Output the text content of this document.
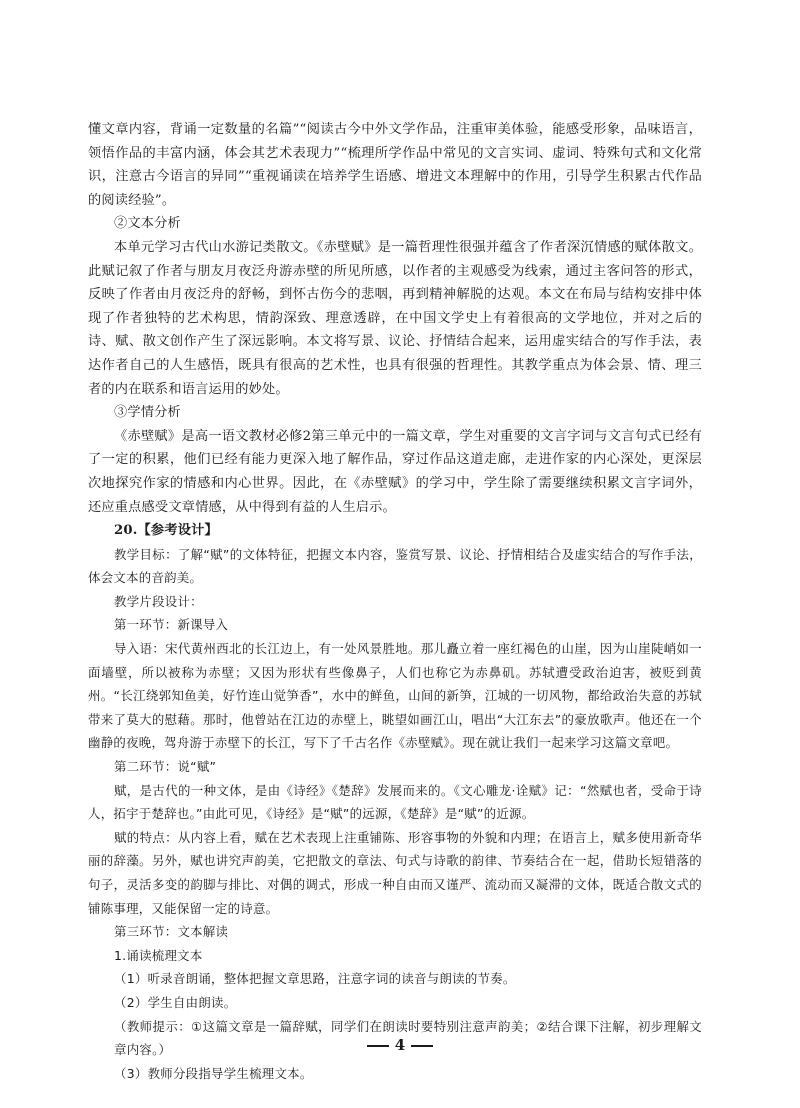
懂文章内容，背诵一定数量的名篇”“阅读古今中外文学作品，注重审美体验，能感受形象，品味语言，领悟作品的丰富内涵，体会其艺术表现力”“梳理所学作品中常见的文言实词、虚词、特殊句式和文化常识，注意古今语言的异同”“重视诵读在培养学生语感、增进文本理解中的作用，引导学生积累古代作品的阅读经验”。

②文本分析

本单元学习古代山水游记类散文。《赤壁赋》是一篇哲理性很强并蕴含了作者深沉情感的赋体散文。此赋记叙了作者与朋友月夜泛舟游赤壁的所见所感，以作者的主观感受为线索，通过主客问答的形式，反映了作者由月夜泛舟的舒畅，到怀古伤今的悲咽，再到精神解脱的达观。本文在布局与结构安排中体现了作者独特的艺术构思，情韵深致、理意透辟，在中国文学史上有着很高的文学地位，并对之后的诗、赋、散文创作产生了深远影响。本文将写景、议论、抒情结合起来，运用虚实结合的写作手法，表达作者自己的人生感悟，既具有很高的艺术性，也具有很强的哲理性。其教学重点为体会景、情、理三者的内在联系和语言运用的妙处。

③学情分析

《赤壁赋》是高一语文教材必修2第三单元中的一篇文章，学生对重要的文言字词与文言句式已经有了一定的积累，他们已经有能力更深入地了解作品，穿过作品这道走廊，走进作家的内心深处，更深层次地探究作家的情感和内心世界。因此，在《赤壁赋》的学习中，学生除了需要继续积累文言字词外，还应重点感受文章情感，从中得到有益的人生启示。

20.【参考设计】

教学目标：了解“赋”的文体特征，把握文本内容，鉴赏写景、议论、抒情相结合及虚实结合的写作手法，体会文本的音韵美。

教学片段设计：

第一环节：新课导入

导入语：宋代黄州西北的长江边上，有一处风景胜地。那儿矗立着一座红褐色的山崖，因为山崖陡峭如一面墙壁，所以被称为赤壁；又因为形状有些像鼻子，人们也称它为赤鼻矶。苏轼遭受政治迫害，被贬到黄州。“长江绕郭知鱼美，好竹连山觉笋香”，水中的鲜鱼，山间的新笋，江城的一切风物，都给政治失意的苏轼带来了莫大的慰藉。那时，他曾站在江边的赤壁上，眺望如画江山，唱出“大江东去”的豪放歌声。他还在一个幽静的夜晚，驾舟游于赤壁下的长江，写下了千古名作《赤壁赋》。现在就让我们一起来学习这篇文章吧。

第二环节：说“赋”

赋，是古代的一种文体，是由《诗经》《楚辞》发展而来的。《文心雕龙·诠赋》记：“然赋也者，受命于诗人，拓宇于楚辞也。”由此可见，《诗经》是“赋”的远源，《楚辞》是“赋”的近源。

赋的特点：从内容上看，赋在艺术表现上注重铺陈、形容事物的外貌和内理；在语言上，赋多使用新奇华丽的辞藻。另外，赋也讲究声韵美，它把散文的章法、句式与诗歌的韵律、节奏结合在一起，借助长短错落的句子，灵活多变的韵脚与排比、对偶的调式，形成一种自由而又谨严、流动而又凝滞的文体，既适合散文式的铺陈事理，又能保留一定的诗意。

第三环节：文本解读

1.诵读梳理文本

（1）听录音朗诵，整体把握文章思路，注意字词的读音与朗读的节奏。

（2）学生自由朗读。

（教师提示：①这篇文章是一篇辞赋，同学们在朗读时要特别注意声韵美；②结合课下注解，初步理解文章内容。）

（3）教师分段指导学生梳理文本。

4
